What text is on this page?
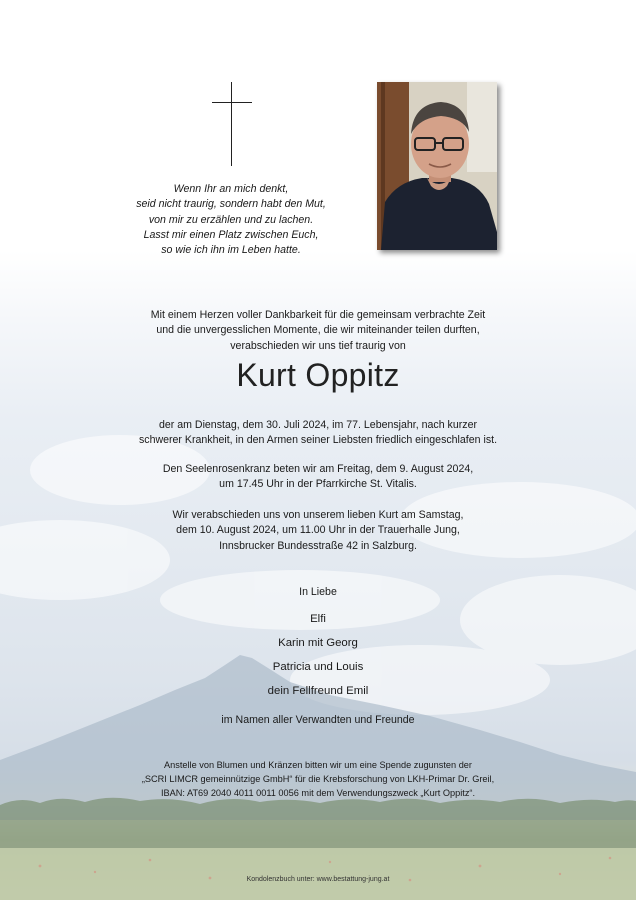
Wenn Ihr an mich denkt,
seid nicht traurig, sondern habt den Mut,
von mir zu erzählen und zu lachen.
Lasst mir einen Platz zwischen Euch,
so wie ich ihn im Leben hatte.
Mit einem Herzen voller Dankbarkeit für die gemeinsam verbrachte Zeit
und die unvergesslichen Momente, die wir miteinander teilen durften,
verabschieden wir uns tief traurig von
Kurt Oppitz
der am Dienstag, dem 30. Juli 2024, im 77. Lebensjahr, nach kurzer
schwerer Krankheit, in den Armen seiner Liebsten friedlich eingeschlafen ist.
Den Seelenrosenkranz beten wir am Freitag, dem 9. August 2024,
um 17.45 Uhr in der Pfarrkirche St. Vitalis.
Wir verabschieden uns von unserem lieben Kurt am Samstag,
dem 10. August 2024, um 11.00 Uhr in der Trauerhalle Jung,
Innsbrucker Bundesstraße 42 in Salzburg.
In Liebe
Elfi
Karin mit Georg
Patricia und Louis
dein Fellfreund Emil
im Namen aller Verwandten und Freunde
Anstelle von Blumen und Kränzen bitten wir um eine Spende zugunsten der
„SCRI LIMCR gemeinnützige GmbH“ für die Krebsforschung von LKH-Primar Dr. Greil,
IBAN: AT69 2040 4011 0011 0056 mit dem Verwendungszweck „Kurt Oppitz“.
Kondolenzbuch unter: www.bestattung-jung.at
